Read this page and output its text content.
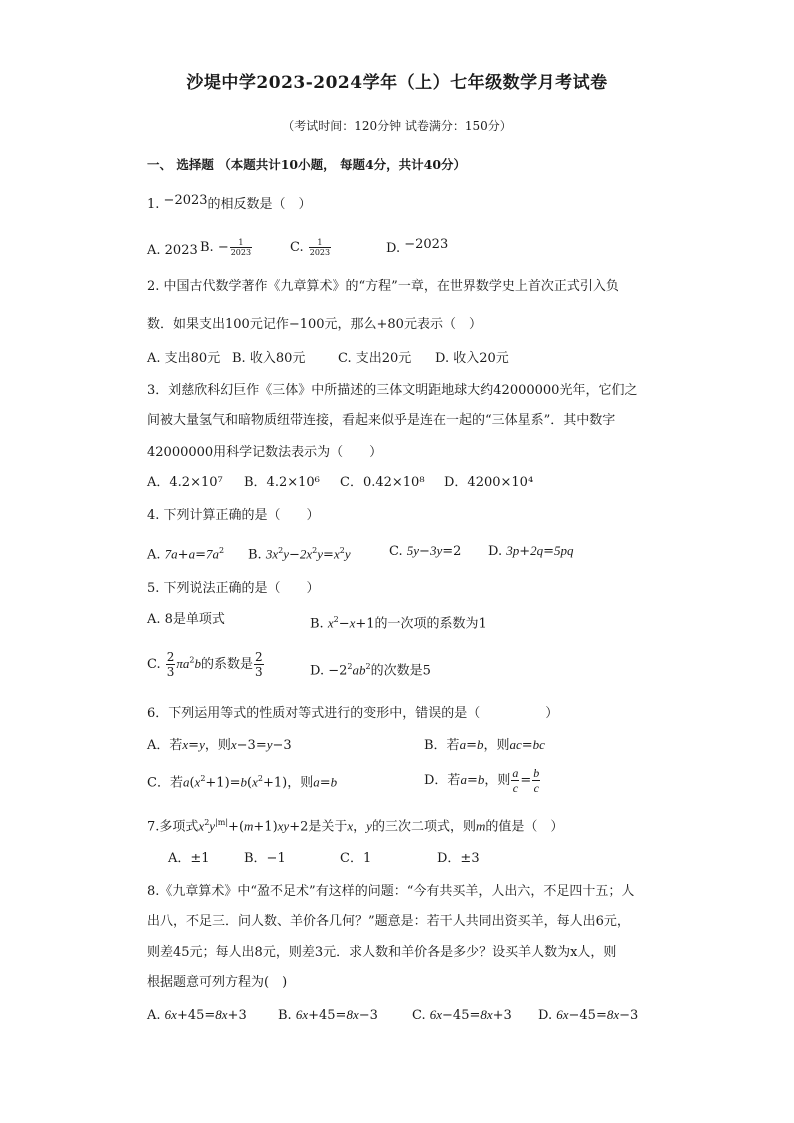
沙堤中学2023-2024学年（上）七年级数学月考试卷
（考试时间：120分钟 试卷满分：150分）
一、 选择题 （本题共计10小题， 每题4分，共计40分）
1. −2023的相反数是（　）
A. 2023 B. − $\frac{1}{2023}$	C. $\frac{1}{2023}$	D. −2023
2. 中国古代数学著作《九章算术》的“方程”一章，在世界数学史上首次正式引入负
数．如果支出100元记作−100元，那么+80元表示（　）
A. 支出80元 B. 收入80元	C. 支出20元 D. 收入20元
3．刘慈欣科幻巨作《三体》中所描述的三体文明距地球大约42000000光年，它们之
间被大量氢气和暗物质纽带连接，看起来似乎是连在一起的“三体星系”．其中数字
42000000用科学记数法表示为（　　）
A．4.2×10⁷ B．4.2×10⁶ C．0.42×10⁸ D．4200×10⁴
4. 下列计算正确的是（　　）
A. $7a+a=7a^2$ B. $3x^2y-2x^2y=x^2y$	C. 5y−3y=2 D. 3p+2q=5pq
5. 下列说法正确的是（　　）
A. 8是单项式	B. $x^2-x+1$的一次项的系数为1
C. $\frac{2}{3} \pi a^2b$的系数是 $\frac{2}{3}$	D. $-2^2ab^2$的次数是5
6．下列运用等式的性质对等式进行的变形中，错误的是（　　　　　）
A．若x=y，则x−3=y−3	B．若a=b，则ac=bc
C．若$a(x^2+1)=b(x^2+1)$，则a=b	D．若a=b，则 $\frac{a}{c} = \frac{b}{c}$
7.多项式$x^2y^{|m|}+(m+1)xy+2$是关于x，y的三次二项式，则m的值是（　）
A．±1	B．−1	C．1	D．±3
8.《九章算术》中“盈不足术”有这样的问题：“今有共买羊，人出六，不足四十五；人
出八，不足三．问人数、羊价各几何？”题意是：若干人共同出资买羊，每人出6元，
则差45元；每人出8元，则差3元．求人数和羊价各是多少？设买羊人数为x人，则
根据题意可列方程为(　)
A. 6x+45=8x+3 B. 6x+45=8x−3	C. 6x−45=8x+3 D. 6x−45=8x−3
